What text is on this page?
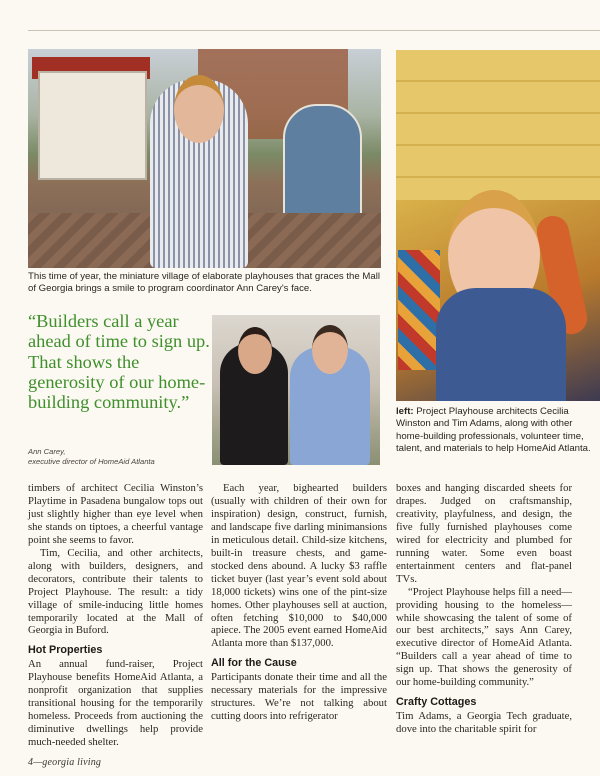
This time of year, the miniature village of elaborate playhouses that graces the Mall of Georgia brings a smile to program coordinator Ann Carey's face.
“Builders call a year ahead of time to sign up. That shows the generosity of our home-building community.”
Ann Carey,
executive director of HomeAid Atlanta
left: Project Playhouse architects Cecilia Winston and Tim Adams, along with other home-building professionals, volunteer time, talent, and materials to help HomeAid Atlanta.

timbers of architect Cecilia Winston’s Playtime in Pasadena bungalow tops out just slightly higher than eye level when she stands on tiptoes, a cheerful vantage point she seems to favor.

Tim, Cecilia, and other architects, along with builders, designers, and decorators, contribute their talents to Project Playhouse. The result: a tidy village of smile-inducing little homes temporarily located at the Mall of Georgia in Buford.

Hot Properties

An annual fund-raiser, Project Playhouse benefits HomeAid Atlanta, a nonprofit organization that supplies transitional housing for the temporarily homeless. Proceeds from auctioning the diminutive dwellings help provide much-needed shelter.

Each year, bighearted builders (usually with children of their own for inspiration) design, construct, furnish, and landscape five darling minimansions in meticulous detail. Child-size kitchens, built-in treasure chests, and game-stocked dens abound. A lucky $3 raffle ticket buyer (last year’s event sold about 18,000 tickets) wins one of the pint-size homes. Other playhouses sell at auction, often fetching $10,000 to $40,000 apiece. The 2005 event earned HomeAid Atlanta more than $137,000.

All for the Cause

Participants donate their time and all the necessary materials for the impressive structures. We’re not talking about cutting doors into refrigerator

boxes and hanging discarded sheets for drapes. Judged on craftsmanship, creativity, playfulness, and design, the five fully furnished playhouses come wired for electricity and plumbed for running water. Some even boast entertainment centers and flat-panel TVs.

“Project Playhouse helps fill a need—providing housing to the homeless—while showcasing the talent of some of our best architects,” says Ann Carey, executive director of HomeAid Atlanta. “Builders call a year ahead of time to sign up. That shows the generosity of our home-building community.”

Crafty Cottages

Tim Adams, a Georgia Tech graduate, dove into the charitable spirit for

4—georgia living
